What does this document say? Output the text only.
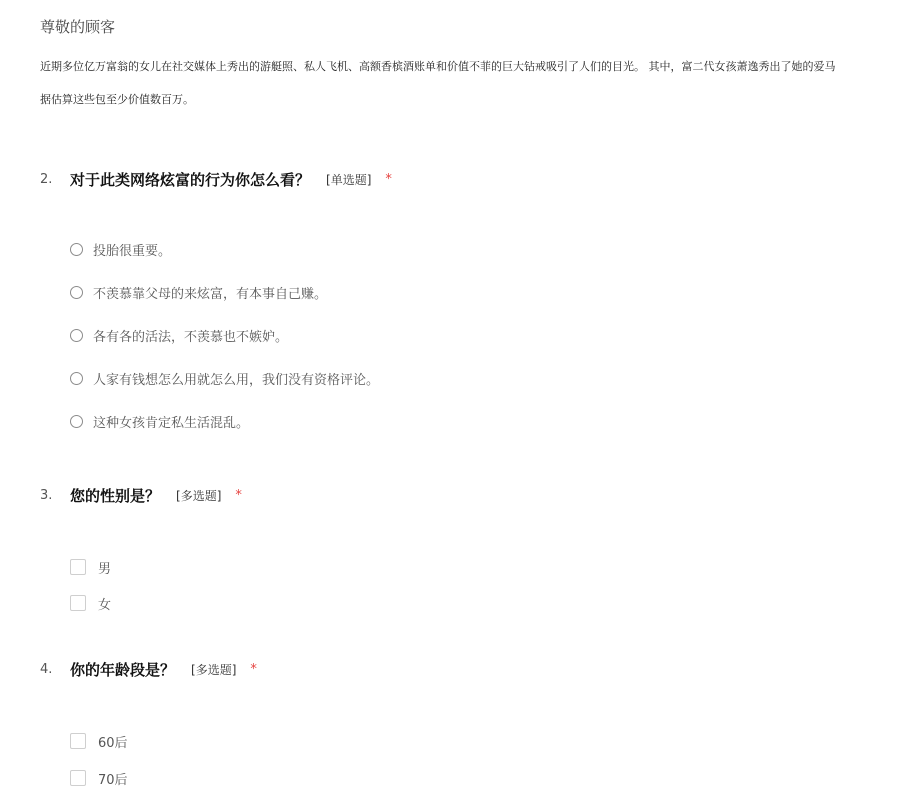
尊敬的顾客
近期多位亿万富翁的女儿在社交媒体上秀出的游艇照、私人飞机、高额香槟酒账单和价值不菲的巨大钻戒吸引了人们的目光。 其中，富二代女孩萧逸秀出了她的爱马
据估算这些包至少价值数百万。
2.	对于此类网络炫富的行为你怎么看？ [单选题] *
投胎很重要。
不羡慕靠父母的来炫富，有本事自己赚。
各有各的活法，不羡慕也不嫉妒。
人家有钱想怎么用就怎么用，我们没有资格评论。
这种女孩肯定私生活混乱。
3.	您的性别是？ [多选题] *
男
女
4.	你的年龄段是？ [多选题] *
60后
70后
